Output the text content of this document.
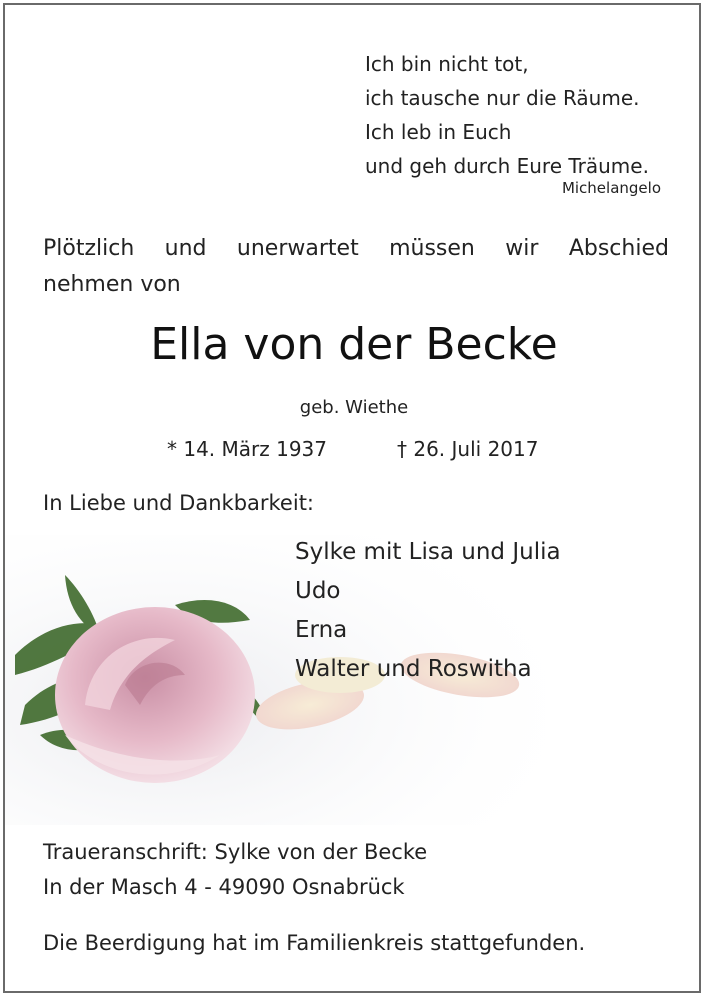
Ich bin nicht tot,
ich tausche nur die Räume.
Ich leb in Euch
und geh durch Eure Träume.
Michelangelo
Plötzlich und unerwartet müssen wir Abschied
nehmen von
Ella von der Becke
geb. Wiethe
* 14. März 1937	† 26. Juli 2017
In Liebe und Dankbarkeit:
Sylke mit Lisa und Julia
Udo
Erna
Walter und Roswitha
Traueranschrift: Sylke von der Becke
In der Masch 4 - 49090 Osnabrück
Die Beerdigung hat im Familienkreis stattgefunden.
